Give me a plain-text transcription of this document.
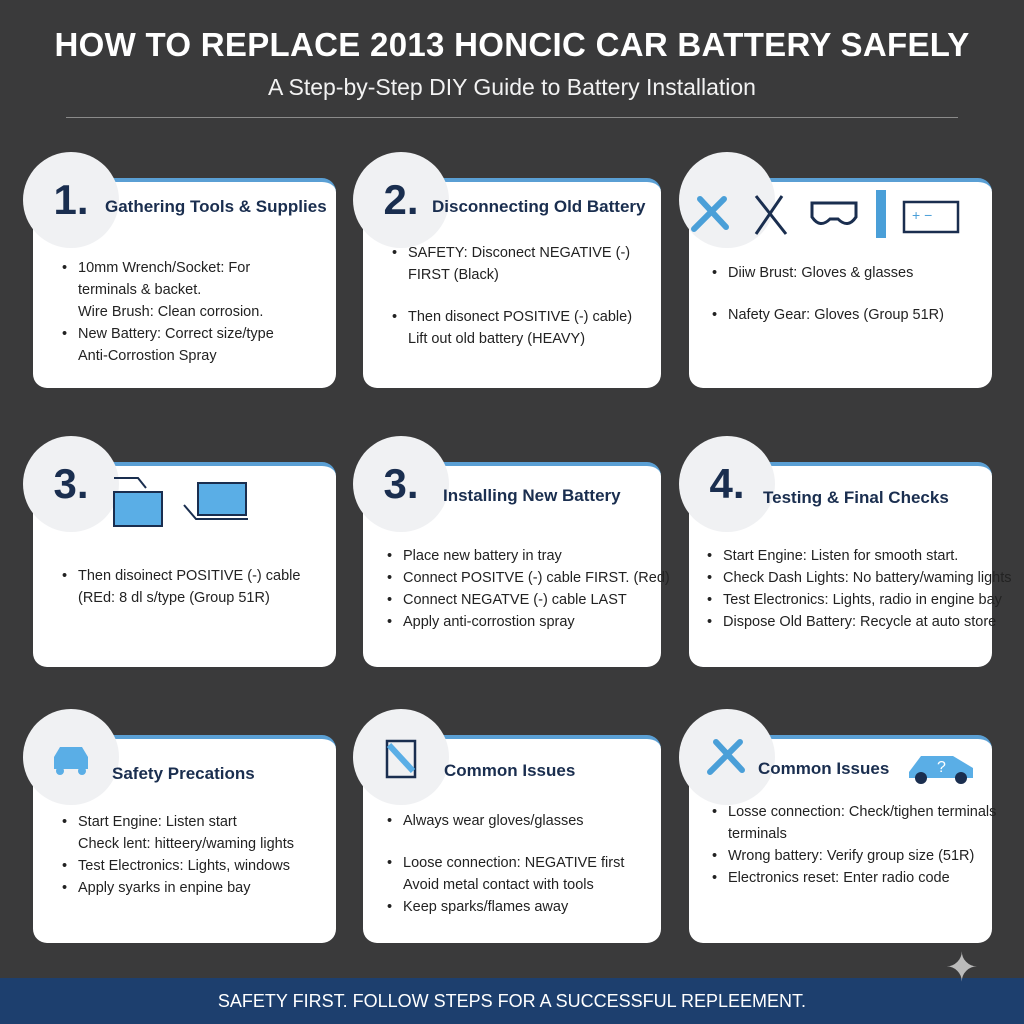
HOW TO REPLACE 2013 HONCIC CAR BATTERY SAFELY
A Step-by-Step DIY Guide to Battery Installation
1. Gathering Tools & Supplies
• 10mm Wrench/Socket: For
terminals & backet.
Wire Brush: Clean corrosion.
• New Battery: Correct size/type
Anti-Corrostion Spray
2. Disconnecting Old Battery
• SAFETY: Disconect NEGATIVE (-)
FIRST (Black)
• Then disonect POSITIVE (-) cable)
Lift out old battery (HEAVY)
+ −
• Diiw Brust: Gloves & glasses
• Nafety Gear: Gloves (Group 51R)
3.
• Then disoinect POSITIVE (-) cable
(REd: 8 dl s/type (Group 51R)
3.	Installing New Battery
• Place new battery in tray
• Connect POSITVE (-) cable FIRST. (Red)
• Connect NEGATVE (-) cable LAST
• Apply anti-corrostion spray
4.	Testing & Final Checks
• Start Engine: Listen for smooth start.
• Check Dash Lights: No battery/waming lights
• Test Electronics: Lights, radio in engine bay
• Dispose Old Battery: Recycle at auto store
Safety Precations
• Start Engine: Listen start
Check lent: hitteery/waming lights
• Test Electronics: Lights, windows
• Apply syarks in enpine bay
Common Issues
• Always wear gloves/glasses
• Loose connection: NEGATIVE first
Avoid metal contact with tools
• Keep sparks/flames away
?
Common Issues
• Losse connection: Check/tighen terminals
terminals
• Wrong battery: Verify group size (51R)
• Electronics reset: Enter radio code
SAFETY FIRST. FOLLOW STEPS FOR A SUCCESSFUL REPLEEMENT.
✦
